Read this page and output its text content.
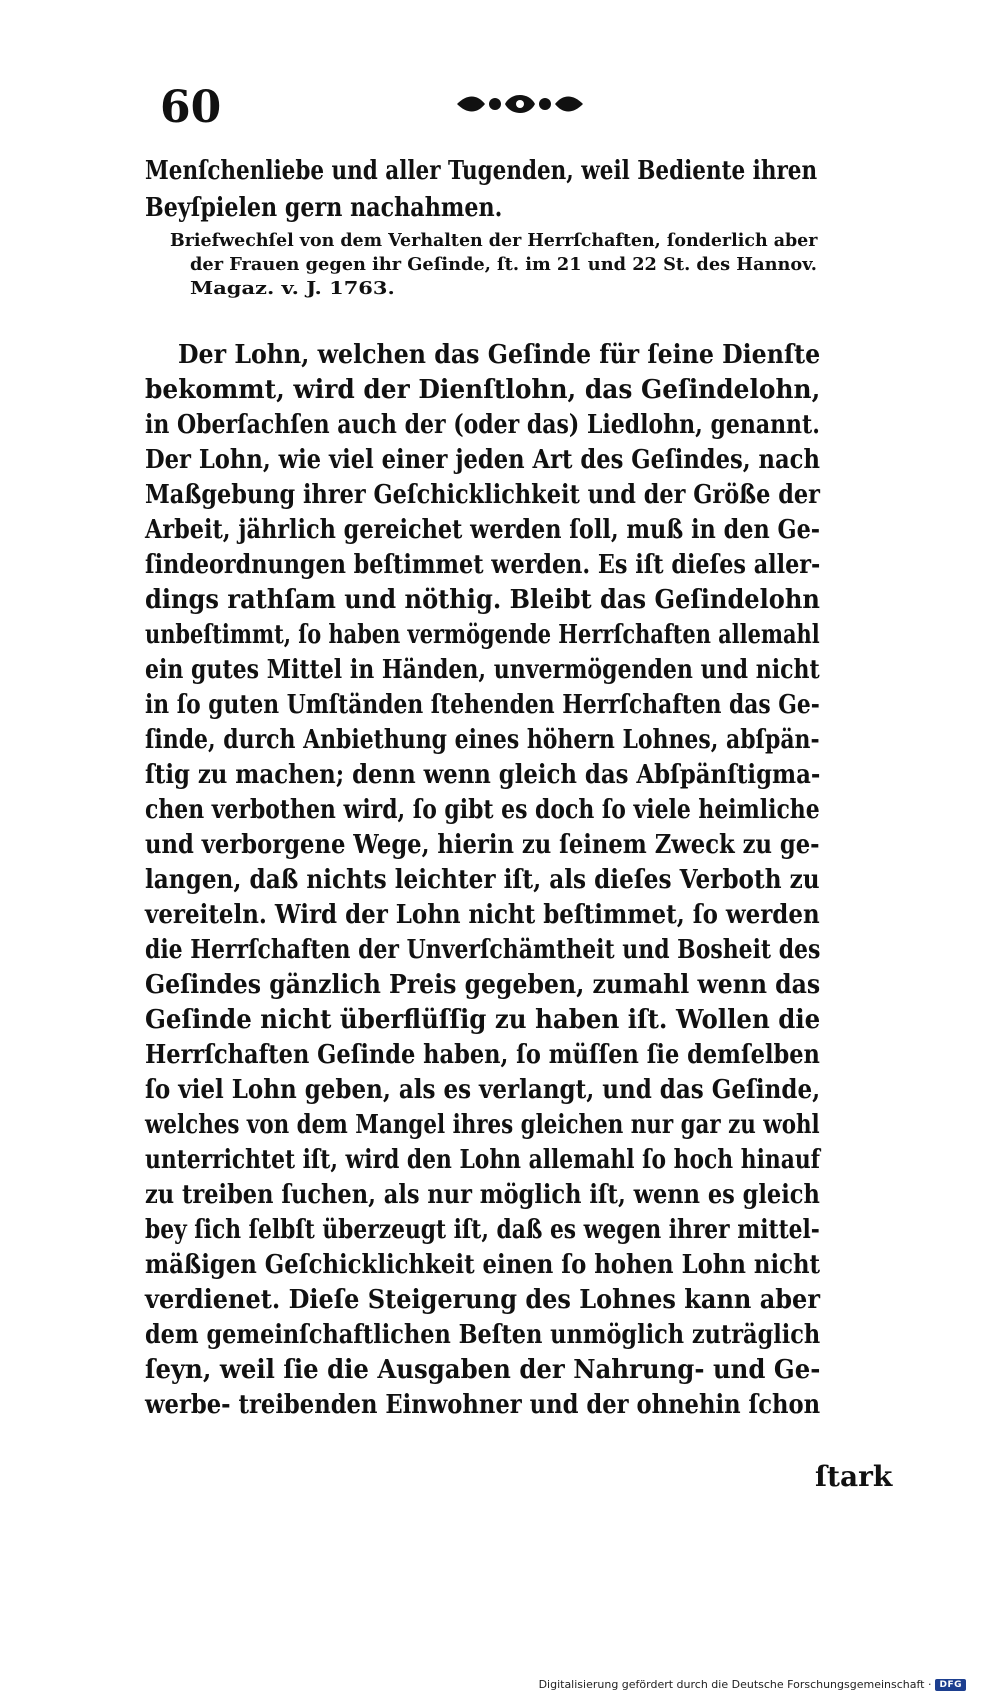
60
Menſchenliebe und aller Tugenden, weil Bediente ihren
Beyſpielen gern nachahmen.
Briefwechſel von dem Verhalten der Herrſchaften, ſonderlich aber
der Frauen gegen ihr Geſinde, ſt. im 21 und 22 St. des Hannov.
Magaz. v. J. 1763.
Der Lohn, welchen das Geſinde für ſeine Dienſte
bekommt, wird der Dienſtlohn, das Geſindelohn,
in Oberſachſen auch der (oder das) Liedlohn, genannt.
Der Lohn, wie viel einer jeden Art des Geſindes, nach
Maßgebung ihrer Geſchicklichkeit und der Größe der
Arbeit, jährlich gereichet werden ſoll, muß in den Ge-
ſindeordnungen beſtimmet werden. Es iſt dieſes aller-
dings rathſam und nöthig. Bleibt das Geſindelohn
unbeſtimmt, ſo haben vermögende Herrſchaften allemahl
ein gutes Mittel in Händen, unvermögenden und nicht
in ſo guten Umſtänden ſtehenden Herrſchaften das Ge-
ſinde, durch Anbiethung eines höhern Lohnes, abſpän-
ſtig zu machen; denn wenn gleich das Abſpänſtigma-
chen verbothen wird, ſo gibt es doch ſo viele heimliche
und verborgene Wege, hierin zu ſeinem Zweck zu ge-
langen, daß nichts leichter iſt, als dieſes Verboth zu
vereiteln. Wird der Lohn nicht beſtimmet, ſo werden
die Herrſchaften der Unverſchämtheit und Bosheit des
Geſindes gänzlich Preis gegeben, zumahl wenn das
Geſinde nicht überflüſſig zu haben iſt. Wollen die
Herrſchaften Geſinde haben, ſo müſſen ſie demſelben
ſo viel Lohn geben, als es verlangt, und das Geſinde,
welches von dem Mangel ihres gleichen nur gar zu wohl
unterrichtet iſt, wird den Lohn allemahl ſo hoch hinauf
zu treiben ſuchen, als nur möglich iſt, wenn es gleich
bey ſich ſelbſt überzeugt iſt, daß es wegen ihrer mittel-
mäßigen Geſchicklichkeit einen ſo hohen Lohn nicht
verdienet. Dieſe Steigerung des Lohnes kann aber
dem gemeinſchaftlichen Beſten unmöglich zuträglich
ſeyn, weil ſie die Ausgaben der Nahrung- und Ge-
werbe- treibenden Einwohner und der ohnehin ſchon
ſtark
Digitalisierung gefördert durch die Deutsche Forschungsgemeinschaft · DFG
